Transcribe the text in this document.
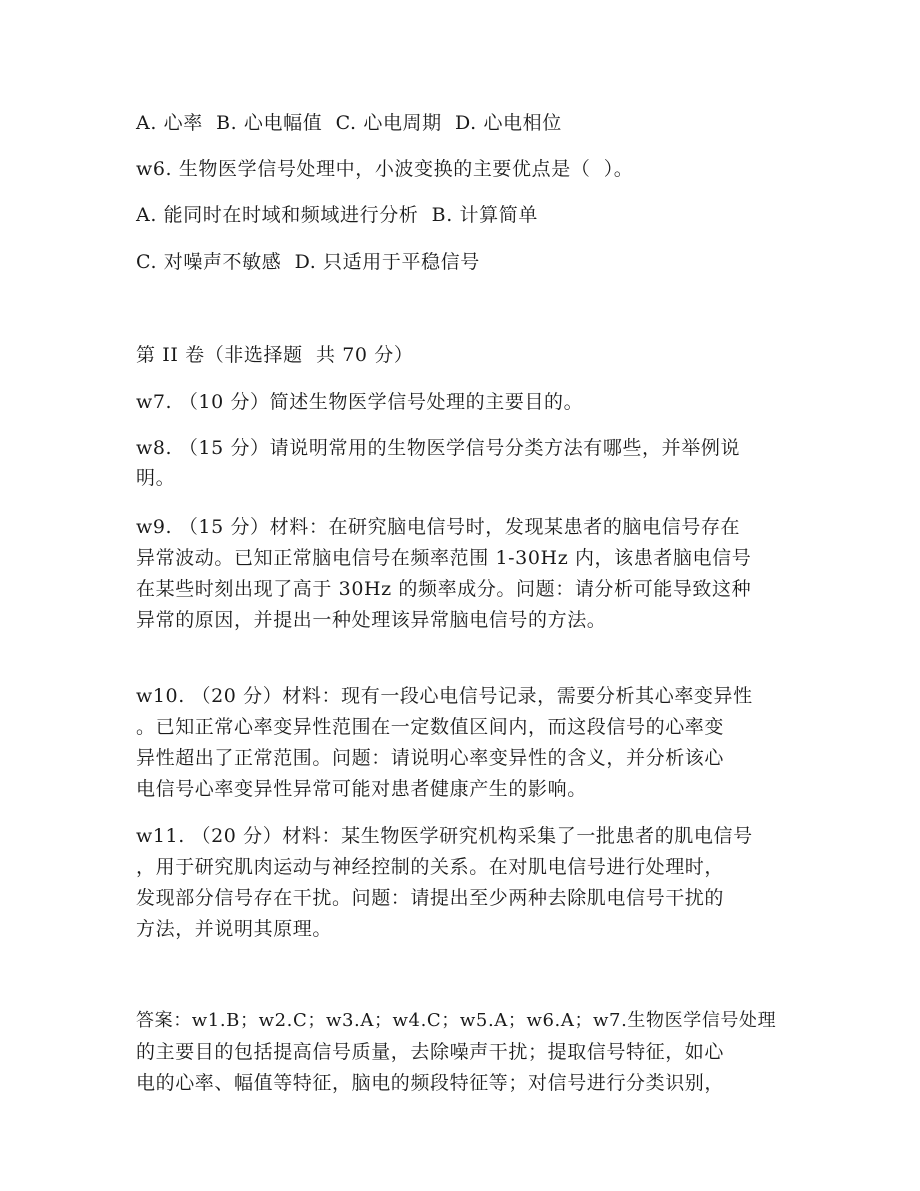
A. 心率  B. 心电幅值  C. 心电周期  D. 心电相位
w6. 生物医学信号处理中，小波变换的主要优点是（  ）。
A. 能同时在时域和频域进行分析  B. 计算简单
C. 对噪声不敏感  D. 只适用于平稳信号
第 II 卷（非选择题  共 70 分）
w7. （10 分）简述生物医学信号处理的主要目的。
w8. （15 分）请说明常用的生物医学信号分类方法有哪些，并举例说
明。
w9. （15 分）材料：在研究脑电信号时，发现某患者的脑电信号存在
异常波动。已知正常脑电信号在频率范围 1-30Hz 内，该患者脑电信号
在某些时刻出现了高于 30Hz 的频率成分。问题：请分析可能导致这种
异常的原因，并提出一种处理该异常脑电信号的方法。
w10. （20 分）材料：现有一段心电信号记录，需要分析其心率变异性
。已知正常心率变异性范围在一定数值区间内，而这段信号的心率变
异性超出了正常范围。问题：请说明心率变异性的含义，并分析该心
电信号心率变异性异常可能对患者健康产生的影响。
w11. （20 分）材料：某生物医学研究机构采集了一批患者的肌电信号
，用于研究肌肉运动与神经控制的关系。在对肌电信号进行处理时，
发现部分信号存在干扰。问题：请提出至少两种去除肌电信号干扰的
方法，并说明其原理。
答案：w1.B；w2.C；w3.A；w4.C；w5.A；w6.A；w7.生物医学信号处理
的主要目的包括提高信号质量，去除噪声干扰；提取信号特征，如心
电的心率、幅值等特征，脑电的频段特征等；对信号进行分类识别，
